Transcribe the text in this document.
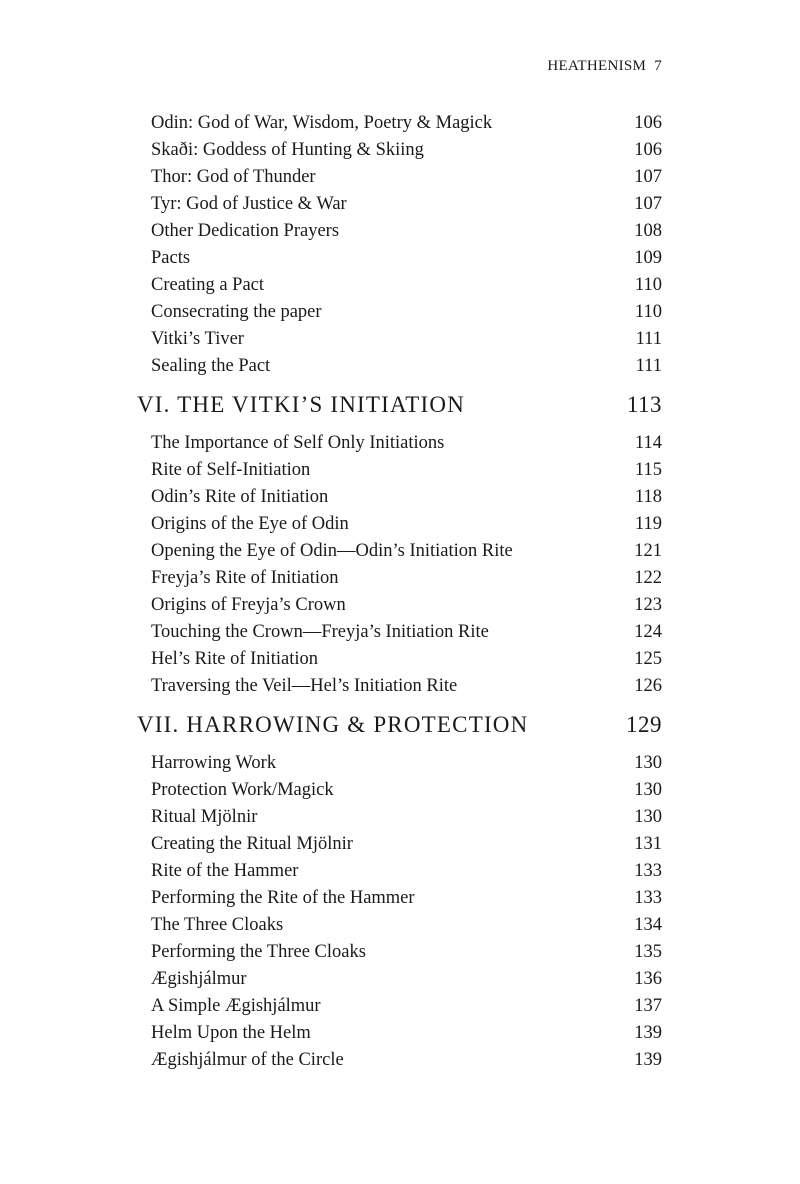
HEATHENISM 7
Odin: God of War, Wisdom, Poetry & Magick	106
Skaði: Goddess of Hunting & Skiing	106
Thor: God of Thunder	107
Tyr: God of Justice & War	107
Other Dedication Prayers	108
Pacts	109
Creating a Pact	110
Consecrating the paper	110
Vitki’s Tiver	111
Sealing the Pact	111
VI. THE VITKI’S INITIATION	113
The Importance of Self Only Initiations	114
Rite of Self-Initiation	115
Odin’s Rite of Initiation	118
Origins of the Eye of Odin	119
Opening the Eye of Odin—Odin’s Initiation Rite	121
Freyja’s Rite of Initiation	122
Origins of Freyja’s Crown	123
Touching the Crown—Freyja’s Initiation Rite	124
Hel’s Rite of Initiation	125
Traversing the Veil—Hel’s Initiation Rite	126
VII. HARROWING & PROTECTION	129
Harrowing Work	130
Protection Work/Magick	130
Ritual Mjölnir	130
Creating the Ritual Mjölnir	131
Rite of the Hammer	133
Performing the Rite of the Hammer	133
The Three Cloaks	134
Performing the Three Cloaks	135
Ægishjálmur	136
A Simple Ægishjálmur	137
Helm Upon the Helm	139
Ægishjálmur of the Circle	139
